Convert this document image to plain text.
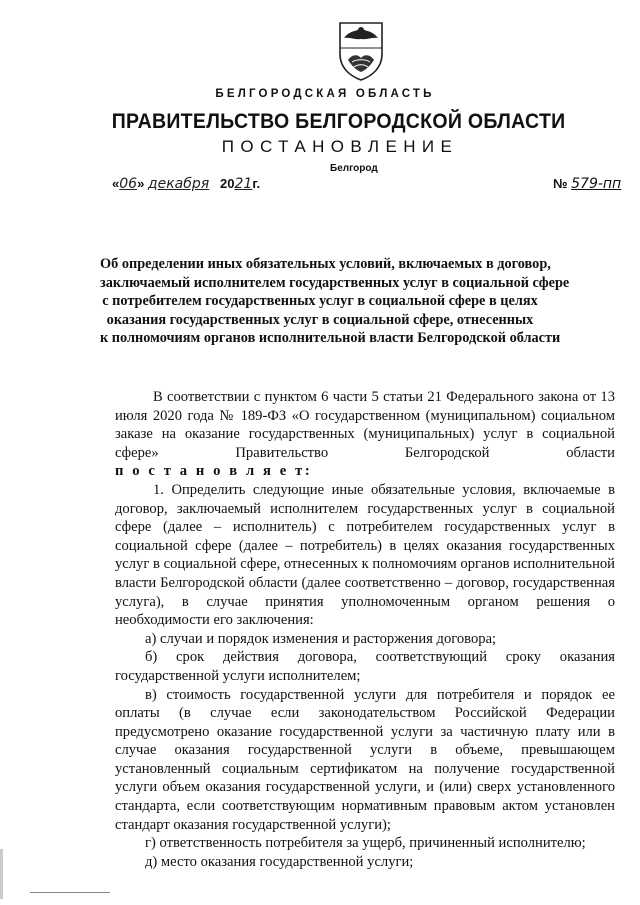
БЕЛГОРОДСКАЯ ОБЛАСТЬ
ПРАВИТЕЛЬСТВО БЕЛГОРОДСКОЙ ОБЛАСТИ
ПОСТАНОВЛЕНИЕ
Белгород
«06» декабря 2021г.	№ 579-пп
Об определении иных обязательных условий, включаемых в договор,
заключаемый исполнителем государственных услуг в социальной сфере
с потребителем государственных услуг в социальной сфере в целях
оказания государственных услуг в социальной сфере, отнесенных
к полномочиям органов исполнительной власти Белгородской области

В соответствии с пунктом 6 части 5 статьи 21 Федерального закона от 13 июля 2020 года № 189-ФЗ «О государственном (муниципальном) социальном заказе на оказание государственных (муниципальных) услуг в социальной сфере» Правительство Белгородской области

п о с т а н о в л я е т:

1. Определить следующие иные обязательные условия, включаемые в договор, заключаемый исполнителем государственных услуг в социальной сфере (далее – исполнитель) с потребителем государственных услуг в социальной сфере (далее – потребитель) в целях оказания государственных услуг в социальной сфере, отнесенных к полномочиям органов исполнительной власти Белгородской области (далее соответственно – договор, государственная услуга), в случае принятия уполномоченным органом решения о необходимости его заключения:

а) случаи и порядок изменения и расторжения договора;

б) срок действия договора, соответствующий сроку оказания государственной услуги исполнителем;

в) стоимость государственной услуги для потребителя и порядок ее оплаты (в случае если законодательством Российской Федерации предусмотрено оказание государственной услуги за частичную плату или в случае оказания государственной услуги в объеме, превышающем установленный социальным сертификатом на получение государственной услуги объем оказания государственной услуги, и (или) сверх установленного стандарта, если соответствующим нормативным правовым актом установлен стандарт оказания государственной услуги);

г) ответственность потребителя за ущерб, причиненный исполнителю;

д) место оказания государственной услуги;
